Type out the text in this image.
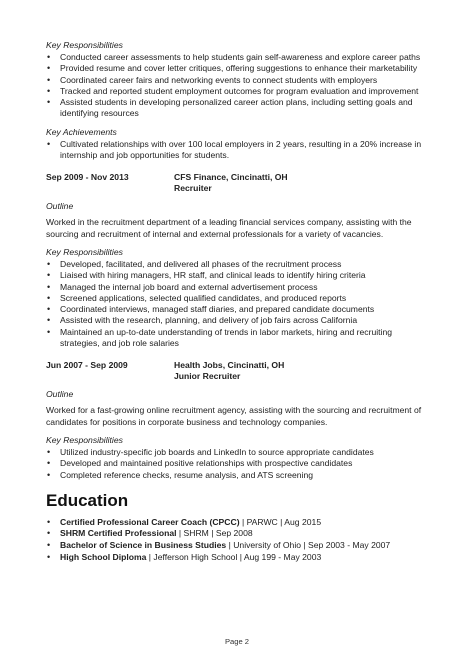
Key Responsibilities

• Conducted career assessments to help students gain self-awareness and explore career paths
• Provided resume and cover letter critiques, offering suggestions to enhance their marketability
• Coordinated career fairs and networking events to connect students with employers
• Tracked and reported student employment outcomes for program evaluation and improvement
• Assisted students in developing personalized career action plans, including setting goals and identifying resources

Key Achievements

• Cultivated relationships with over 100 local employers in 2 years, resulting in a 20% increase in internship and job opportunities for students.
Sep 2009 - Nov 2013	CFS Finance, Cincinatti, OH
Recruiter

Outline

Worked in the recruitment department of a leading financial services company, assisting with the sourcing and recruitment of internal and external professionals for a variety of vacancies.

Key Responsibilities

• Developed, facilitated, and delivered all phases of the recruitment process
• Liaised with hiring managers, HR staff, and clinical leads to identify hiring criteria
• Managed the internal job board and external advertisement process
• Screened applications, selected qualified candidates, and produced reports
• Coordinated interviews, managed staff diaries, and prepared candidate documents
• Assisted with the research, planning, and delivery of job fairs across California
• Maintained an up-to-date understanding of trends in labor markets, hiring and recruiting strategies, and job role salaries
Jun 2007 - Sep 2009	Health Jobs, Cincinatti, OH
Junior Recruiter

Outline

Worked for a fast-growing online recruitment agency, assisting with the sourcing and recruitment of candidates for positions in corporate business and technology companies.

Key Responsibilities

• Utilized industry-specific job boards and LinkedIn to source appropriate candidates
• Developed and maintained positive relationships with prospective candidates
• Completed reference checks, resume analysis, and ATS screening
Education
• Certified Professional Career Coach (CPCC) | PARWC | Aug 2015
• SHRM Certified Professional | SHRM | Sep 2008
• Bachelor of Science in Business Studies | University of Ohio | Sep 2003 - May 2007
• High School Diploma | Jefferson High School | Aug 199 - May 2003
Page 2
